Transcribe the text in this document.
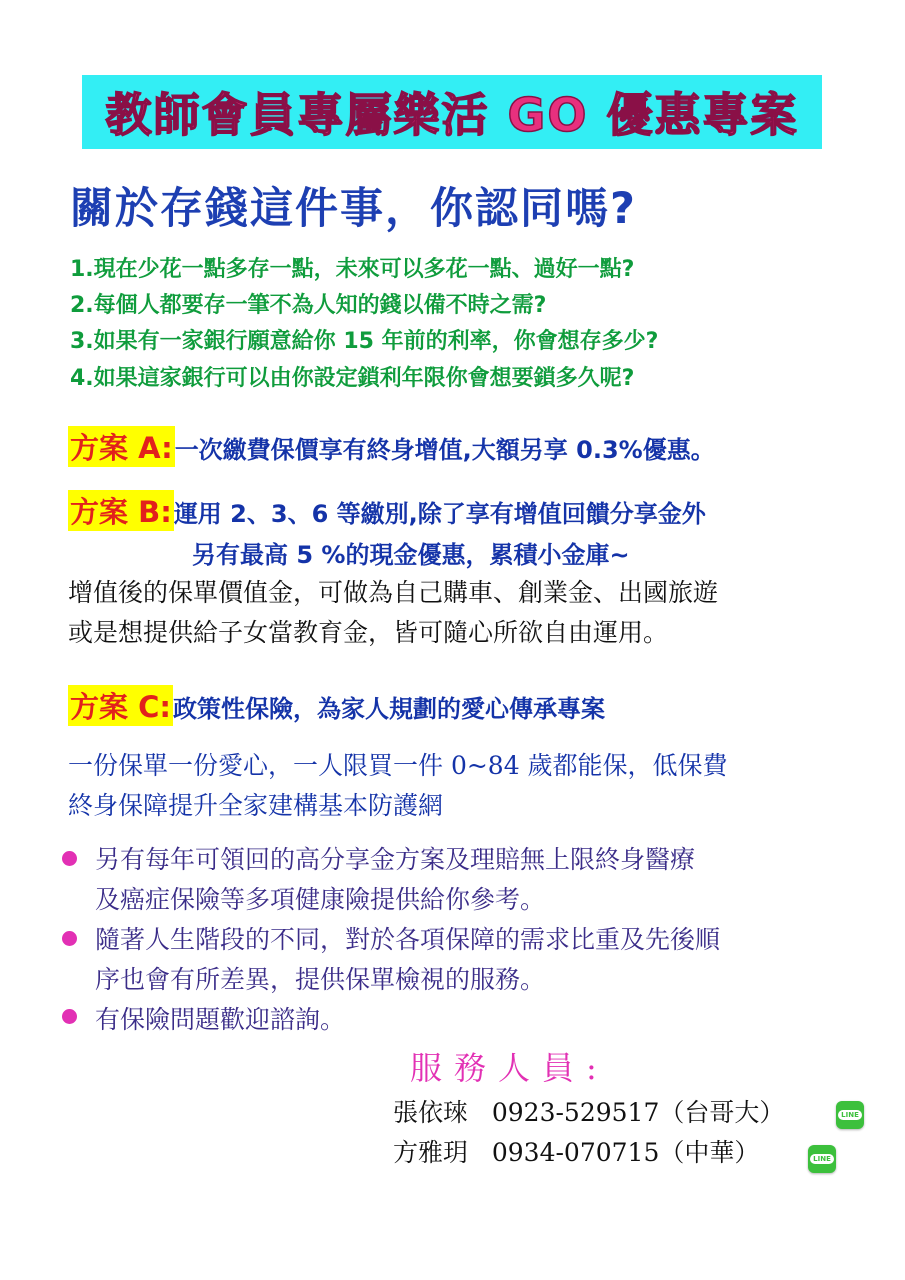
教師會員專屬樂活 GO 優惠專案
關於存錢這件事，你認同嗎?
1.現在少花一點多存一點，未來可以多花一點、過好一點?
2.每個人都要存一筆不為人知的錢以備不時之需?
3.如果有一家銀行願意給你 15 年前的利率，你會想存多少?
4.如果這家銀行可以由你設定鎖利年限你會想要鎖多久呢?
方案 A:一次繳費保價享有終身增值,大額另享 0.3%優惠。
方案 B:運用 2、3、6 等繳別,除了享有增值回饋分享金外
另有最高 5 %的現金優惠，累積小金庫~
增值後的保單價值金，可做為自己購車、創業金、出國旅遊
或是想提供給子女當教育金，皆可隨心所欲自由運用。
方案 C:政策性保險，為家人規劃的愛心傳承專案
一份保單一份愛心，一人限買一件 0~84 歲都能保，低保費
終身保障提升全家建構基本防護網
另有每年可領回的高分享金方案及理賠無上限終身醫療
及癌症保險等多項健康險提供給你參考。
隨著人生階段的不同，對於各項保障的需求比重及先後順
序也會有所差異，提供保單檢視的服務。
有保險問題歡迎諮詢。
服務人員:
張依琜 0923-529517（台哥大）	LINE
方雅玥 0934-070715（中華）	LINE
